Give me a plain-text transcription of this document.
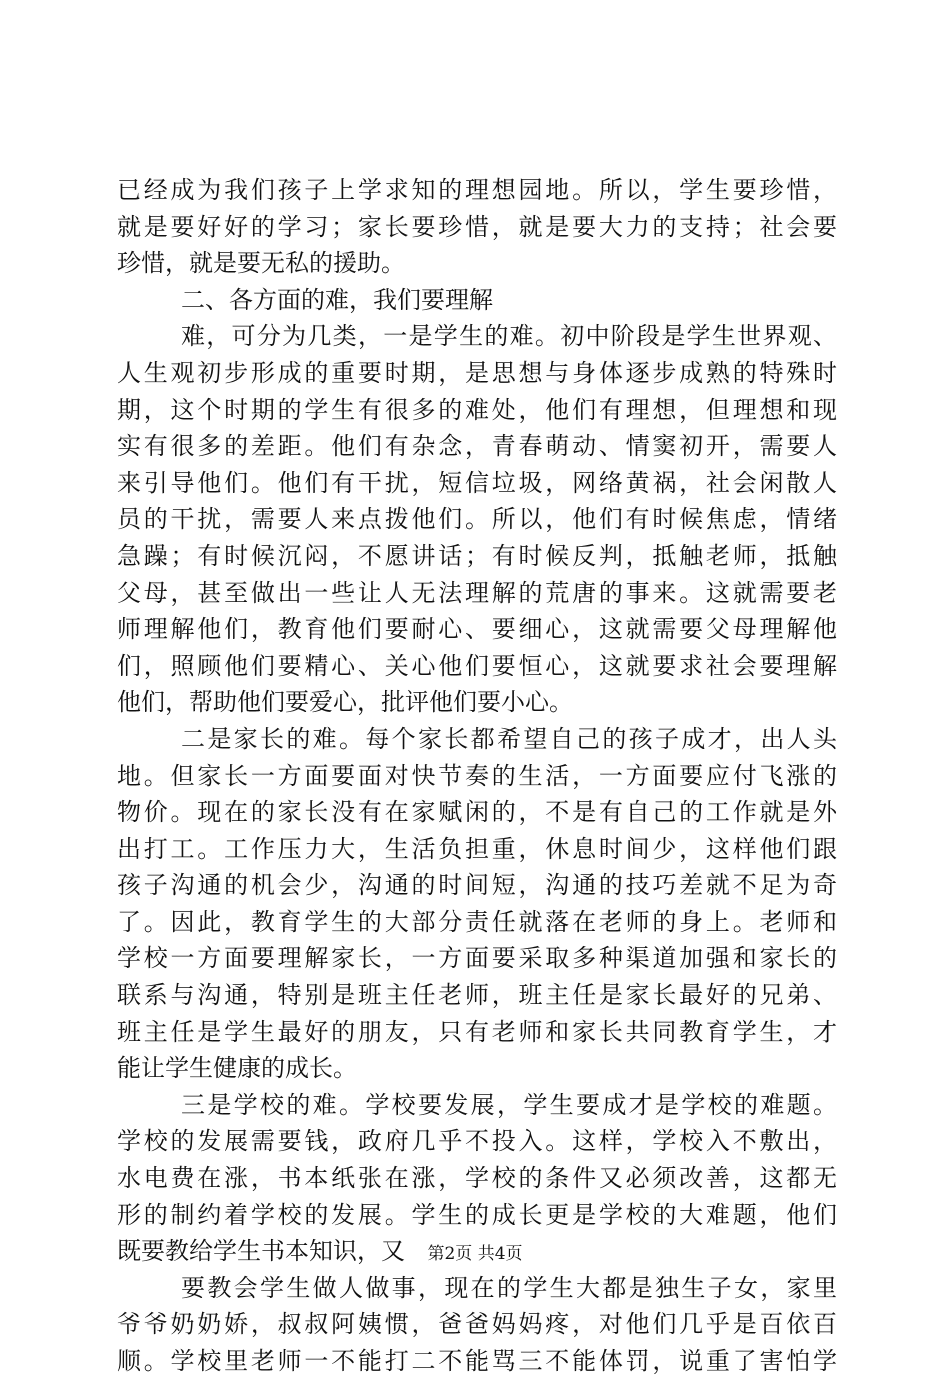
已经成为我们孩子上学求知的理想园地。所以，学生要珍惜，
就是要好好的学习；家长要珍惜，就是要大力的支持；社会要
珍惜，就是要无私的援助。
二、各方面的难，我们要理解
难，可分为几类，一是学生的难。初中阶段是学生世界观、
人生观初步形成的重要时期，是思想与身体逐步成熟的特殊时
期，这个时期的学生有很多的难处，他们有理想，但理想和现
实有很多的差距。他们有杂念，青春萌动、情窦初开，需要人
来引导他们。他们有干扰，短信垃圾，网络黄祸，社会闲散人
员的干扰，需要人来点拨他们。所以，他们有时候焦虑，情绪
急躁；有时候沉闷，不愿讲话；有时候反判，抵触老师，抵触
父母，甚至做出一些让人无法理解的荒唐的事来。这就需要老
师理解他们，教育他们要耐心、要细心，这就需要父母理解他
们，照顾他们要精心、关心他们要恒心，这就要求社会要理解
他们，帮助他们要爱心，批评他们要小心。
二是家长的难。每个家长都希望自己的孩子成才，出人头
地。但家长一方面要面对快节奏的生活，一方面要应付飞涨的
物价。现在的家长没有在家赋闲的，不是有自己的工作就是外
出打工。工作压力大，生活负担重，休息时间少，这样他们跟
孩子沟通的机会少，沟通的时间短，沟通的技巧差就不足为奇
了。因此，教育学生的大部分责任就落在老师的身上。老师和
学校一方面要理解家长，一方面要采取多种渠道加强和家长的
联系与沟通，特别是班主任老师，班主任是家长最好的兄弟、
班主任是学生最好的朋友，只有老师和家长共同教育学生，才
能让学生健康的成长。
三是学校的难。学校要发展，学生要成才是学校的难题。
学校的发展需要钱，政府几乎不投入。这样，学校入不敷出，
水电费在涨，书本纸张在涨，学校的条件又必须改善，这都无
形的制约着学校的发展。学生的成长更是学校的大难题，他们
既要教给学生书本知识，又
要教会学生做人做事，现在的学生大都是独生子女，家里
爷爷奶奶娇，叔叔阿姨惯，爸爸妈妈疼，对他们几乎是百依百
顺。学校里老师一不能打二不能骂三不能体罚，说重了害怕学
第2页 共4页
